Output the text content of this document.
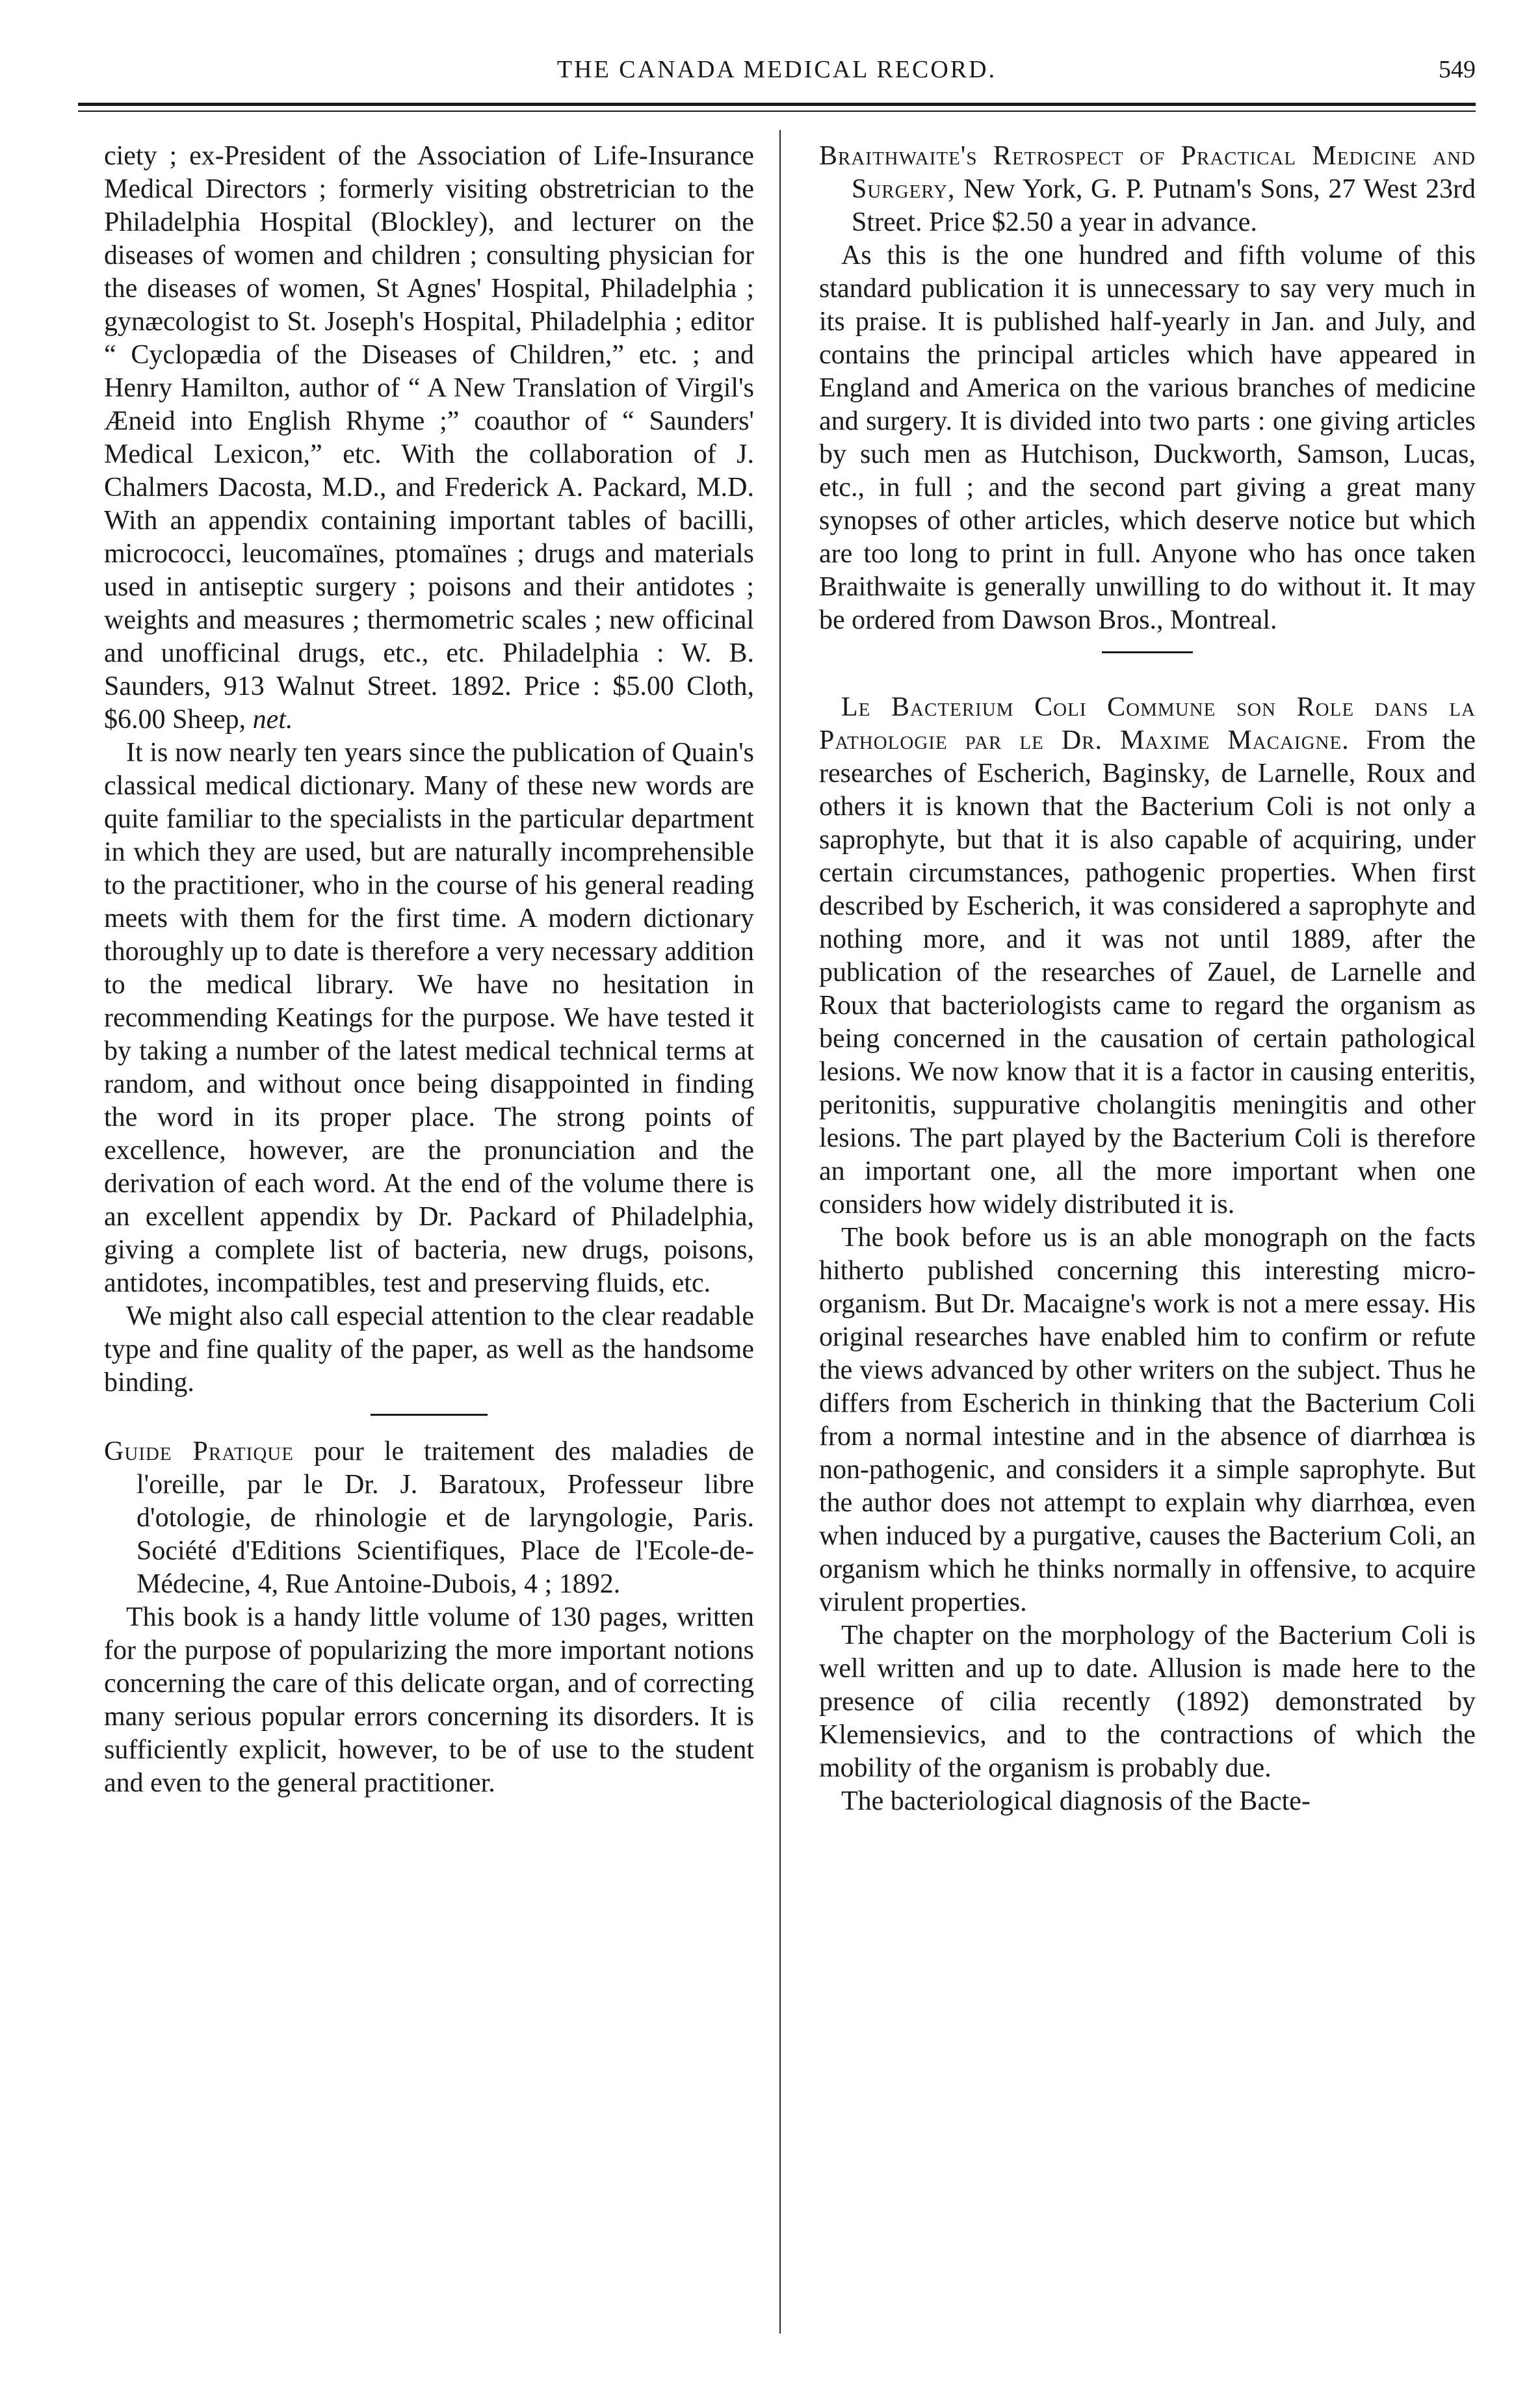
THE CANADA MEDICAL RECORD.	549

ciety ; ex-President of the Association of Life-Insurance Medical Directors ; formerly visiting obstretrician to the Philadelphia Hospital (Blockley), and lecturer on the diseases of women and children ; consulting physician for the diseases of women, St Agnes' Hospital, Philadelphia ; gynæcologist to St. Joseph's Hospital, Philadelphia ; editor “ Cyclopædia of the Diseases of Children,” etc. ; and Henry Hamilton, author of “ A New Translation of Virgil's Æneid into English Rhyme ;” coauthor of “ Saunders' Medical Lexicon,” etc. With the collaboration of J. Chalmers Dacosta, M.D., and Frederick A. Packard, M.D. With an appendix containing important tables of bacilli, micrococci, leucomaïnes, ptomaïnes ; drugs and materials used in antiseptic surgery ; poisons and their antidotes ; weights and measures ; thermometric scales ; new officinal and unofficinal drugs, etc., etc. Philadelphia : W. B. Saunders, 913 Walnut Street. 1892. Price : $5.00 Cloth, $6.00 Sheep, net.

It is now nearly ten years since the publication of Quain's classical medical dictionary. Many of these new words are quite familiar to the specialists in the particular department in which they are used, but are naturally incomprehensible to the practitioner, who in the course of his general reading meets with them for the first time. A modern dictionary thoroughly up to date is therefore a very necessary addition to the medical library. We have no hesitation in recommending Keatings for the purpose. We have tested it by taking a number of the latest medical technical terms at random, and without once being disappointed in finding the word in its proper place. The strong points of excellence, however, are the pronunciation and the derivation of each word. At the end of the volume there is an excellent appendix by Dr. Packard of Philadelphia, giving a complete list of bacteria, new drugs, poisons, antidotes, incompatibles, test and preserving fluids, etc.

We might also call especial attention to the clear readable type and fine quality of the paper, as well as the handsome binding.

Guide Pratique pour le traitement des maladies de l'oreille, par le Dr. J. Baratoux, Professeur libre d'otologie, de rhinologie et de laryngologie, Paris. Société d'Editions Scientifiques, Place de l'Ecole-de-Médecine, 4, Rue Antoine-Dubois, 4 ; 1892.

This book is a handy little volume of 130 pages, written for the purpose of popularizing the more important notions concerning the care of this delicate organ, and of correcting many serious popular errors concerning its disorders. It is sufficiently explicit, however, to be of use to the student and even to the general practitioner.

Braithwaite's Retrospect of Practical Medicine and Surgery, New York, G. P. Putnam's Sons, 27 West 23rd Street. Price $2.50 a year in advance.

As this is the one hundred and fifth volume of this standard publication it is unnecessary to say very much in its praise. It is published half-yearly in Jan. and July, and contains the principal articles which have appeared in England and America on the various branches of medicine and surgery. It is divided into two parts : one giving articles by such men as Hutchison, Duckworth, Samson, Lucas, etc., in full ; and the second part giving a great many synopses of other articles, which deserve notice but which are too long to print in full. Anyone who has once taken Braithwaite is generally unwilling to do without it. It may be ordered from Dawson Bros., Montreal.

Le Bacterium Coli Commune son Role dans la Pathologie par le Dr. Maxime Macaigne. From the researches of Escherich, Baginsky, de Larnelle, Roux and others it is known that the Bacterium Coli is not only a saprophyte, but that it is also capable of acquiring, under certain circumstances, pathogenic properties. When first described by Escherich, it was considered a saprophyte and nothing more, and it was not until 1889, after the publication of the researches of Zauel, de Larnelle and Roux that bacteriologists came to regard the organism as being concerned in the causation of certain pathological lesions. We now know that it is a factor in causing enteritis, peritonitis, suppurative cholangitis meningitis and other lesions. The part played by the Bacterium Coli is therefore an important one, all the more important when one considers how widely distributed it is.

The book before us is an able monograph on the facts hitherto published concerning this interesting micro-organism. But Dr. Macaigne's work is not a mere essay. His original researches have enabled him to confirm or refute the views advanced by other writers on the subject. Thus he differs from Escherich in thinking that the Bacterium Coli from a normal intestine and in the absence of diarrhœa is non-pathogenic, and considers it a simple saprophyte. But the author does not attempt to explain why diarrhœa, even when induced by a purgative, causes the Bacterium Coli, an organism which he thinks normally in offensive, to acquire virulent properties.

The chapter on the morphology of the Bacterium Coli is well written and up to date. Allusion is made here to the presence of cilia recently (1892) demonstrated by Klemensievics, and to the contractions of which the mobility of the organism is probably due.

The bacteriological diagnosis of the Bacte-
